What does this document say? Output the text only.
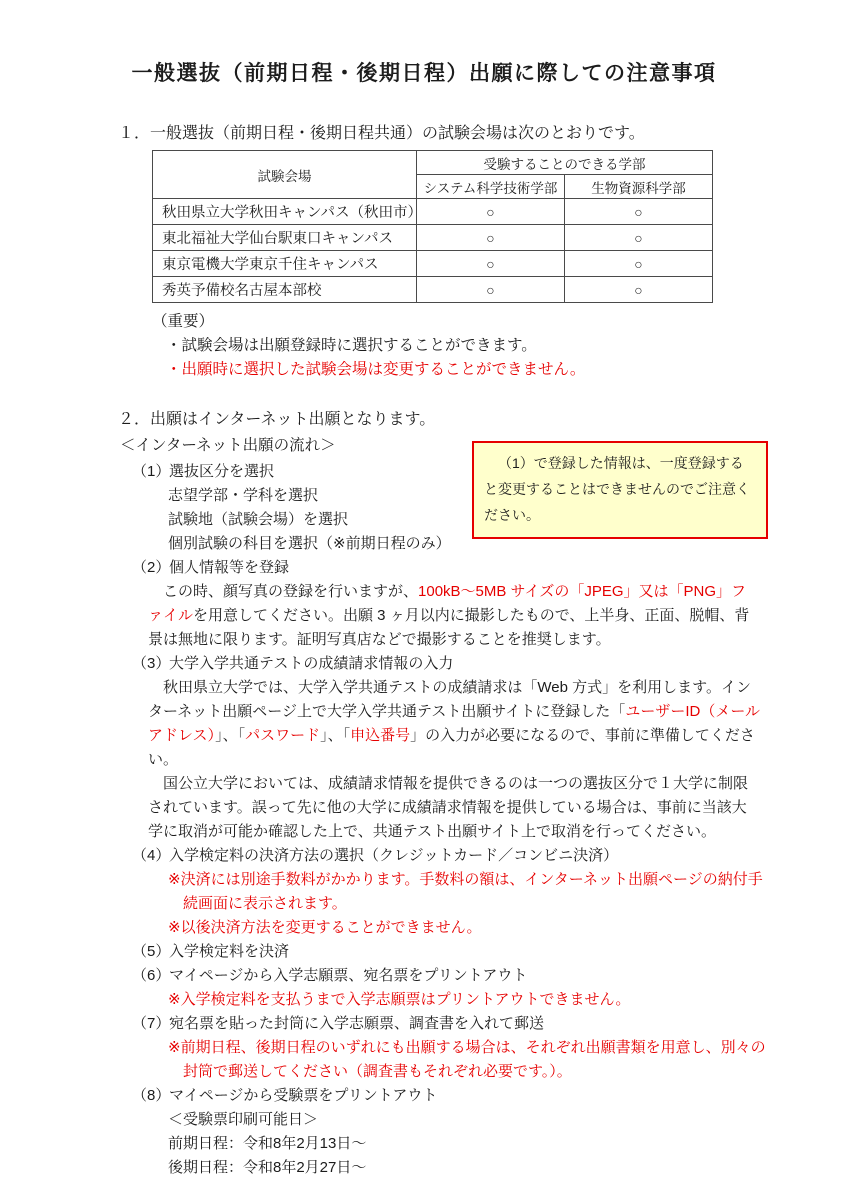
一般選抜（前期日程・後期日程）出願に際しての注意事項
１．一般選抜（前期日程・後期日程共通）の試験会場は次のとおりです。
試験会場	受験することのできる学部	
	システム科学技術学部	生物資源科学部
秋田県立大学秋田キャンパス（秋田市）	○	○
東北福祉大学仙台駅東口キャンパス	○	○
東京電機大学東京千住キャンパス	○	○
秀英予備校名古屋本部校	○	○
（重要）
・試験会場は出願登録時に選択することができます。
・出願時に選択した試験会場は変更することができません。
２．出願はインターネット出願となります。
＜インターネット出願の流れ＞
（1）
選抜区分を選択
志望学部・学科を選択
試験地（試験会場）を選択
個別試験の科目を選択（※前期日程のみ）
（2）
個人情報等を登録

この時、顔写真の登録を行いますが、100kB～5MB サイズの「JPEG」又は「PNG」ファイルを用意してください。出願 3 ヶ月以内に撮影したもので、上半身、正面、脱帽、背景は無地に限ります。証明写真店などで撮影することを推奨します。

（3）
大学入学共通テストの成績請求情報の入力

秋田県立大学では、大学入学共通テストの成績請求は「Web 方式」を利用します。インターネット出願ページ上で大学入学共通テスト出願サイトに登録した「ユーザーID（メールアドレス）」、「パスワード」、「申込番号」の入力が必要になるので、事前に準備してください。

国公立大学においては、成績請求情報を提供できるのは一つの選抜区分で１大学に制限されています。誤って先に他の大学に成績請求情報を提供している場合は、事前に当該大学に取消が可能か確認した上で、共通テスト出願サイト上で取消を行ってください。

（4）
入学検定料の決済方法の選択（クレジットカード／コンビニ決済）
※決済には別途手数料がかかります。手数料の額は、インターネット出願ページの納付手続画面に表示されます。
※以後決済方法を変更することができません。
（5）
入学検定料を決済
（6）
マイページから入学志願票、宛名票をプリントアウト
※入学検定料を支払うまで入学志願票はプリントアウトできません。
（7）
宛名票を貼った封筒に入学志願票、調査書を入れて郵送
※前期日程、後期日程のいずれにも出願する場合は、それぞれ出願書類を用意し、別々の封筒で郵送してください（調査書もそれぞれ必要です。）。
（8）
マイページから受験票をプリントアウト
＜受験票印刷可能日＞
前期日程：令和8年2月13日～
後期日程：令和8年2月27日～

（1）で登録した情報は、一度登録すると変更することはできませんのでご注意ください。
